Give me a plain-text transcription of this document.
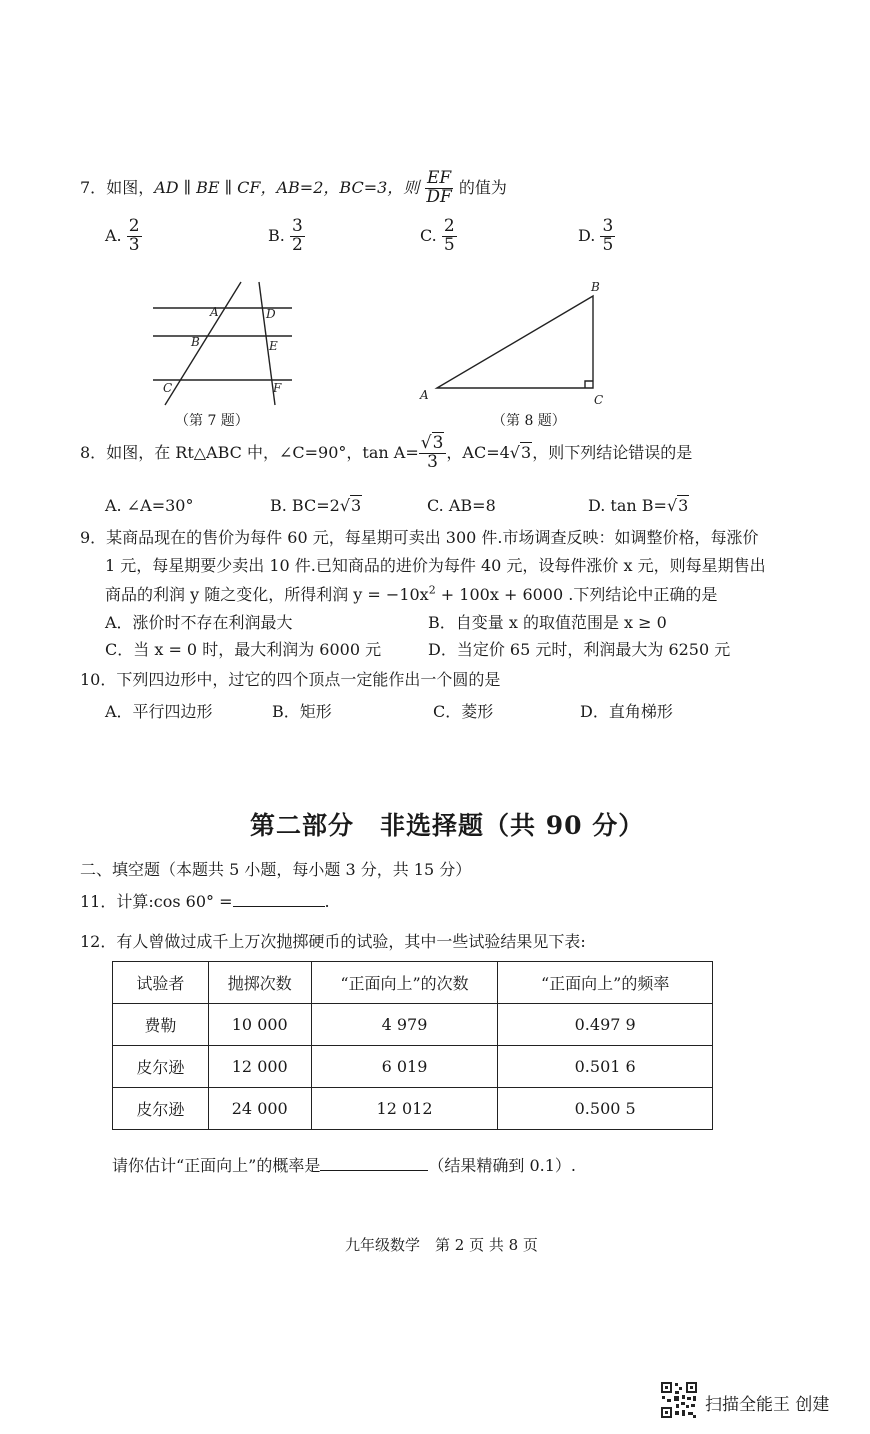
7．如图，AD ∥ BE ∥ CF，AB=2，BC=3，则 $\frac{EF}{DF}$ 的值为
A. $\frac{2}{3}$	B. $\frac{3}{2}$	C. $\frac{2}{5}$	D. $\frac{3}{5}$
A
B
C
D
E
F
（第 7 题）
A
B
C
（第 8 题）
8．如图，在 Rt△ABC 中，∠C=90°，$\tan A= \frac{√3}{3}$ ，AC=4√3，则下列结论错误的是
A. ∠A=30°	B. BC=2√3	C. AB=8	D. tan B=√3
9．某商品现在的售价为每件 60 元，每星期可卖出 300 件.市场调查反映：如调整价格，每涨价
1 元，每星期要少卖出 10 件.已知商品的进价为每件 40 元，设每件涨价 x 元，则每星期售出
商品的利润 y 随之变化，所得利润 $y = -10x^2 + 100x + 6000$ .下列结论中正确的是
A．涨价时不存在利润最大	B．自变量 x 的取值范围是 x ≥ 0
C．当 x = 0 时，最大利润为 6000 元	D．当定价 65 元时，利润最大为 6250 元
10．下列四边形中，过它的四个顶点一定能作出一个圆的是
A．平行四边形	B．矩形	C．菱形	D．直角梯形
第二部分　非选择题（共 90 分）
二、填空题（本题共 5 小题，每小题 3 分，共 15 分）
11．计算:cos 60° =	.
12．有人曾做过成千上万次抛掷硬币的试验，其中一些试验结果见下表:
试验者	抛掷次数	“正面向上”的次数	“正面向上”的频率
费勒	10 000	4 979	0.497 9
皮尔逊	12 000	6 019	0.501 6
皮尔逊	24 000	12 012	0.500 5
请你估计“正面向上”的概率是	（结果精确到 0.1）.
九年级数学　第 2 页 共 8 页
扫描全能王 创建
